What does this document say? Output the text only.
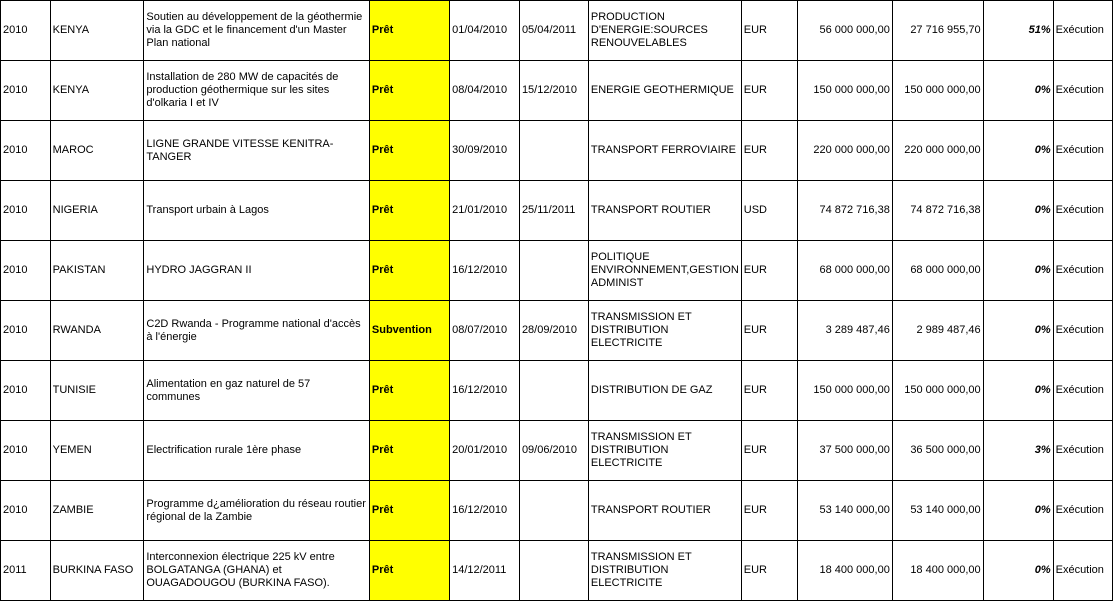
2010	KENYA	Soutien au développement de la géothermie via la GDC et le financement d'un Master Plan national	Prêt	01/04/2010	05/04/2011	PRODUCTION D'ENERGIE:SOURCES RENOUVELABLES	EUR	56 000 000,00	27 716 955,70	51%	Exécution

2010	KENYA	Installation de 280 MW de capacités de production géothermique sur les sites d'olkaria I et IV	Prêt	08/04/2010	15/12/2010	ENERGIE GEOTHERMIQUE	EUR	150 000 000,00	150 000 000,00	0%	Exécution

2010	MAROC	LIGNE GRANDE VITESSE KENITRA-TANGER	Prêt	30/09/2010		TRANSPORT FERROVIAIRE	EUR	220 000 000,00	220 000 000,00	0%	Exécution

2010	NIGERIA	Transport urbain à Lagos	Prêt	21/01/2010	25/11/2011	TRANSPORT ROUTIER	USD	74 872 716,38	74 872 716,38	0%	Exécution

2010	PAKISTAN	HYDRO JAGGRAN II	Prêt	16/12/2010		POLITIQUE ENVIRONNEMENT,GESTION ADMINIST	EUR	68 000 000,00	68 000 000,00	0%	Exécution

2010	RWANDA	C2D Rwanda - Programme national d'accès à l'énergie	Subvention	08/07/2010	28/09/2010	TRANSMISSION ET DISTRIBUTION ELECTRICITE	EUR	3 289 487,46	2 989 487,46	0%	Exécution

2010	TUNISIE	Alimentation en gaz naturel de 57 communes	Prêt	16/12/2010		DISTRIBUTION DE GAZ	EUR	150 000 000,00	150 000 000,00	0%	Exécution

2010	YEMEN	Electrification rurale 1ère phase	Prêt	20/01/2010	09/06/2010	TRANSMISSION ET DISTRIBUTION ELECTRICITE	EUR	37 500 000,00	36 500 000,00	3%	Exécution

2010	ZAMBIE	Programme d¿amélioration du réseau routier régional de la Zambie	Prêt	16/12/2010		TRANSPORT ROUTIER	EUR	53 140 000,00	53 140 000,00	0%	Exécution

2011	BURKINA FASO	Interconnexion électrique 225 kV entre BOLGATANGA (GHANA) et OUAGADOUGOU (BURKINA FASO).	Prêt	14/12/2011		TRANSMISSION ET DISTRIBUTION ELECTRICITE	EUR	18 400 000,00	18 400 000,00	0%	Exécution
